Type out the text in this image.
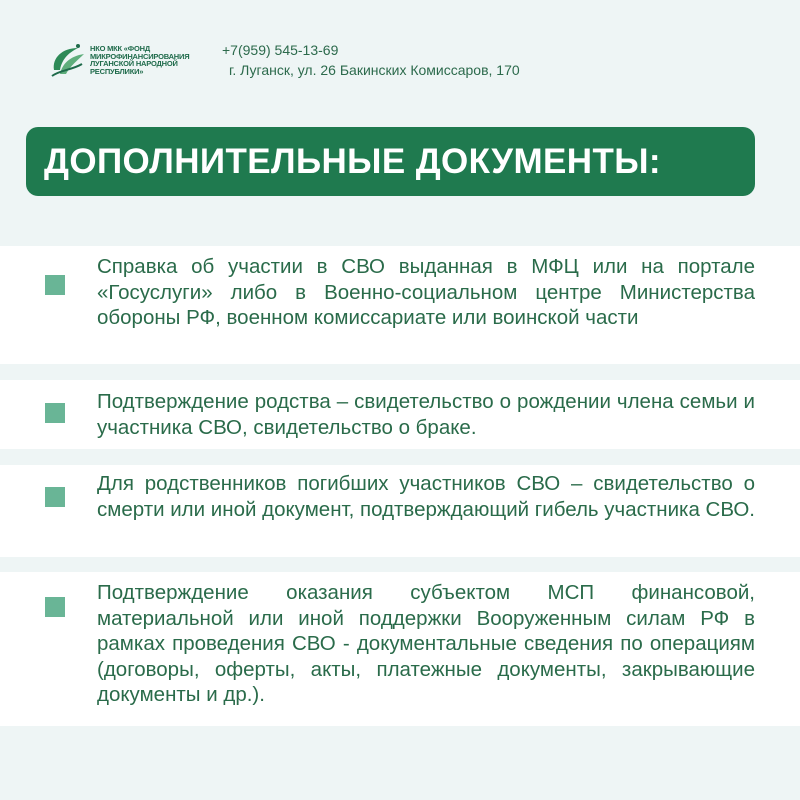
НКО МКК «ФОНД
МИКРОФИНАНСИРОВАНИЯ
ЛУГАНСКОЙ НАРОДНОЙ
РЕСПУБЛИКИ»
+7(959) 545-13-69
г. Луганск, ул. 26 Бакинских Комиссаров, 170
ДОПОЛНИТЕЛЬНЫЕ ДОКУМЕНТЫ:
Справка об участии в СВО выданная в МФЦ или на портале «Госуслуги» либо в Военно-социальном центре Министерства обороны РФ, военном комиссариате или воинской части
Подтверждение родства – свидетельство о рождении члена семьи и участника СВО, свидетельство о браке.
Для родственников погибших участников СВО – свидетельство о смерти или иной документ, подтверждающий гибель участника СВО.
Подтверждение оказания субъектом МСП финансовой, материальной или иной поддержки Вооруженным силам РФ в рамках проведения СВО - документальные сведения по операциям (договоры, оферты, акты, платежные документы, закрывающие документы и др.).
